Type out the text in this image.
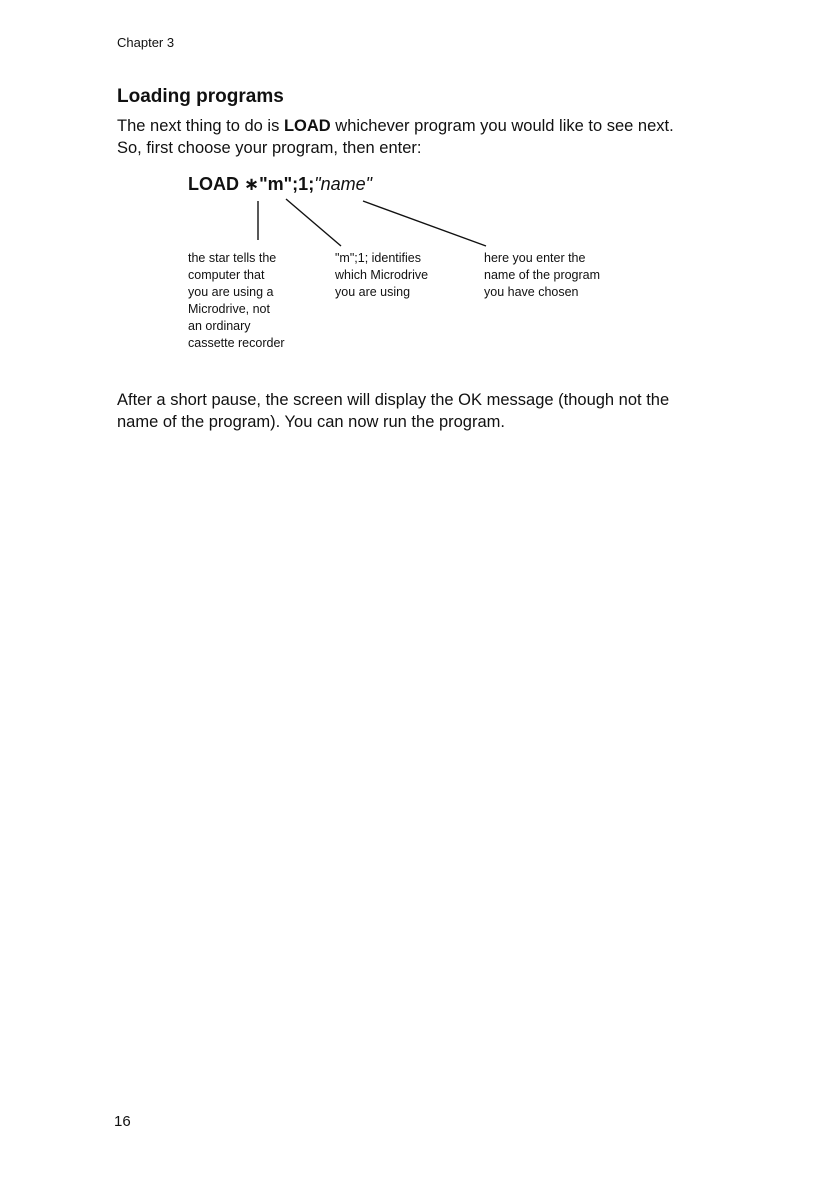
Chapter 3
Loading programs
The next thing to do is LOAD whichever program you would like to see next.
So, first choose your program, then enter:
LOAD ∗"m";1;"name"
the star tells the
computer that
you are using a
Microdrive, not
an ordinary
cassette recorder
"m";1; identifies
which Microdrive
you are using
here you enter the
name of the program
you have chosen
After a short pause, the screen will display the OK message (though not the
name of the program). You can now run the program.
16
